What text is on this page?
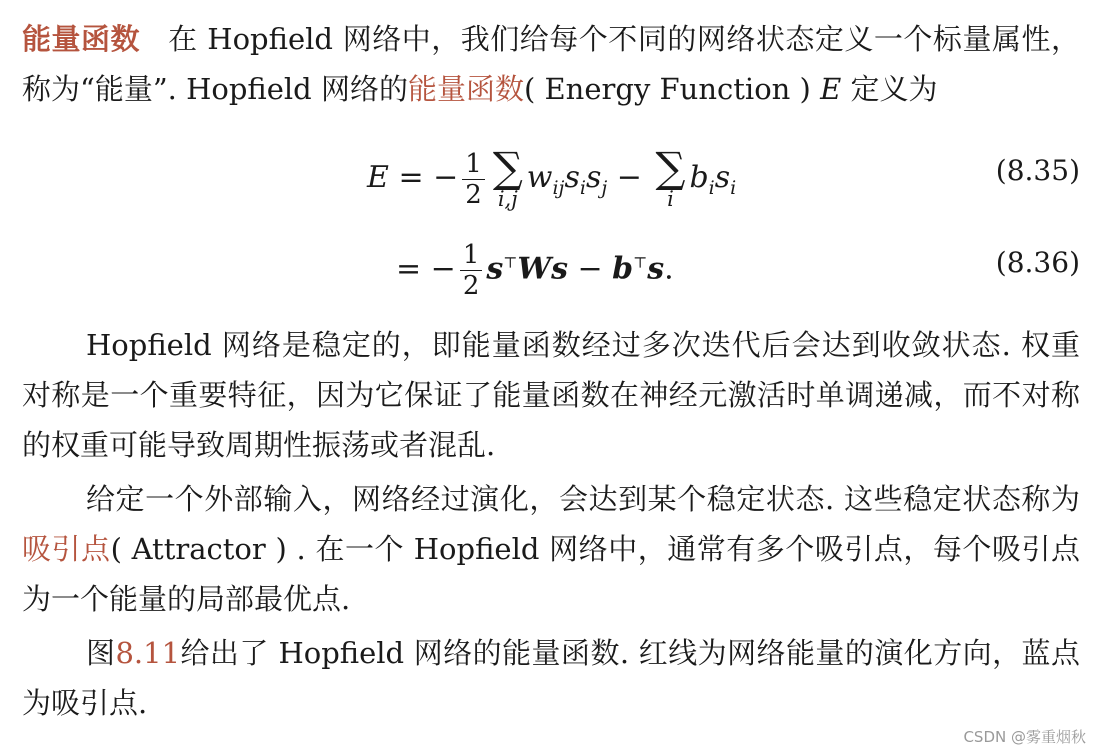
能量函数 在 Hopfield 网络中，我们给每个不同的网络状态定义一个标量属性，称为“能量”. Hopfield 网络的能量函数( Energy Function ) E 定义为

E = − $\frac{1}{2}$ ∑
i,j
$w_{ij}s_is_j$ − ∑
i
$b_is_i$
(8.35)
= − $\frac{1}{2} s^⊤Ws - b^⊤s$.	(8.36)

Hopfield 网络是稳定的，即能量函数经过多次迭代后会达到收敛状态. 权重对称是一个重要特征，因为它保证了能量函数在神经元激活时单调递减，而不对称的权重可能导致周期性振荡或者混乱.

给定一个外部输入，网络经过演化，会达到某个稳定状态. 这些稳定状态称为吸引点( Attractor ) . 在一个 Hopfield 网络中，通常有多个吸引点，每个吸引点为一个能量的局部最优点.

图8.11给出了 Hopfield 网络的能量函数. 红线为网络能量的演化方向，蓝点为吸引点.

CSDN @雾重烟秋
